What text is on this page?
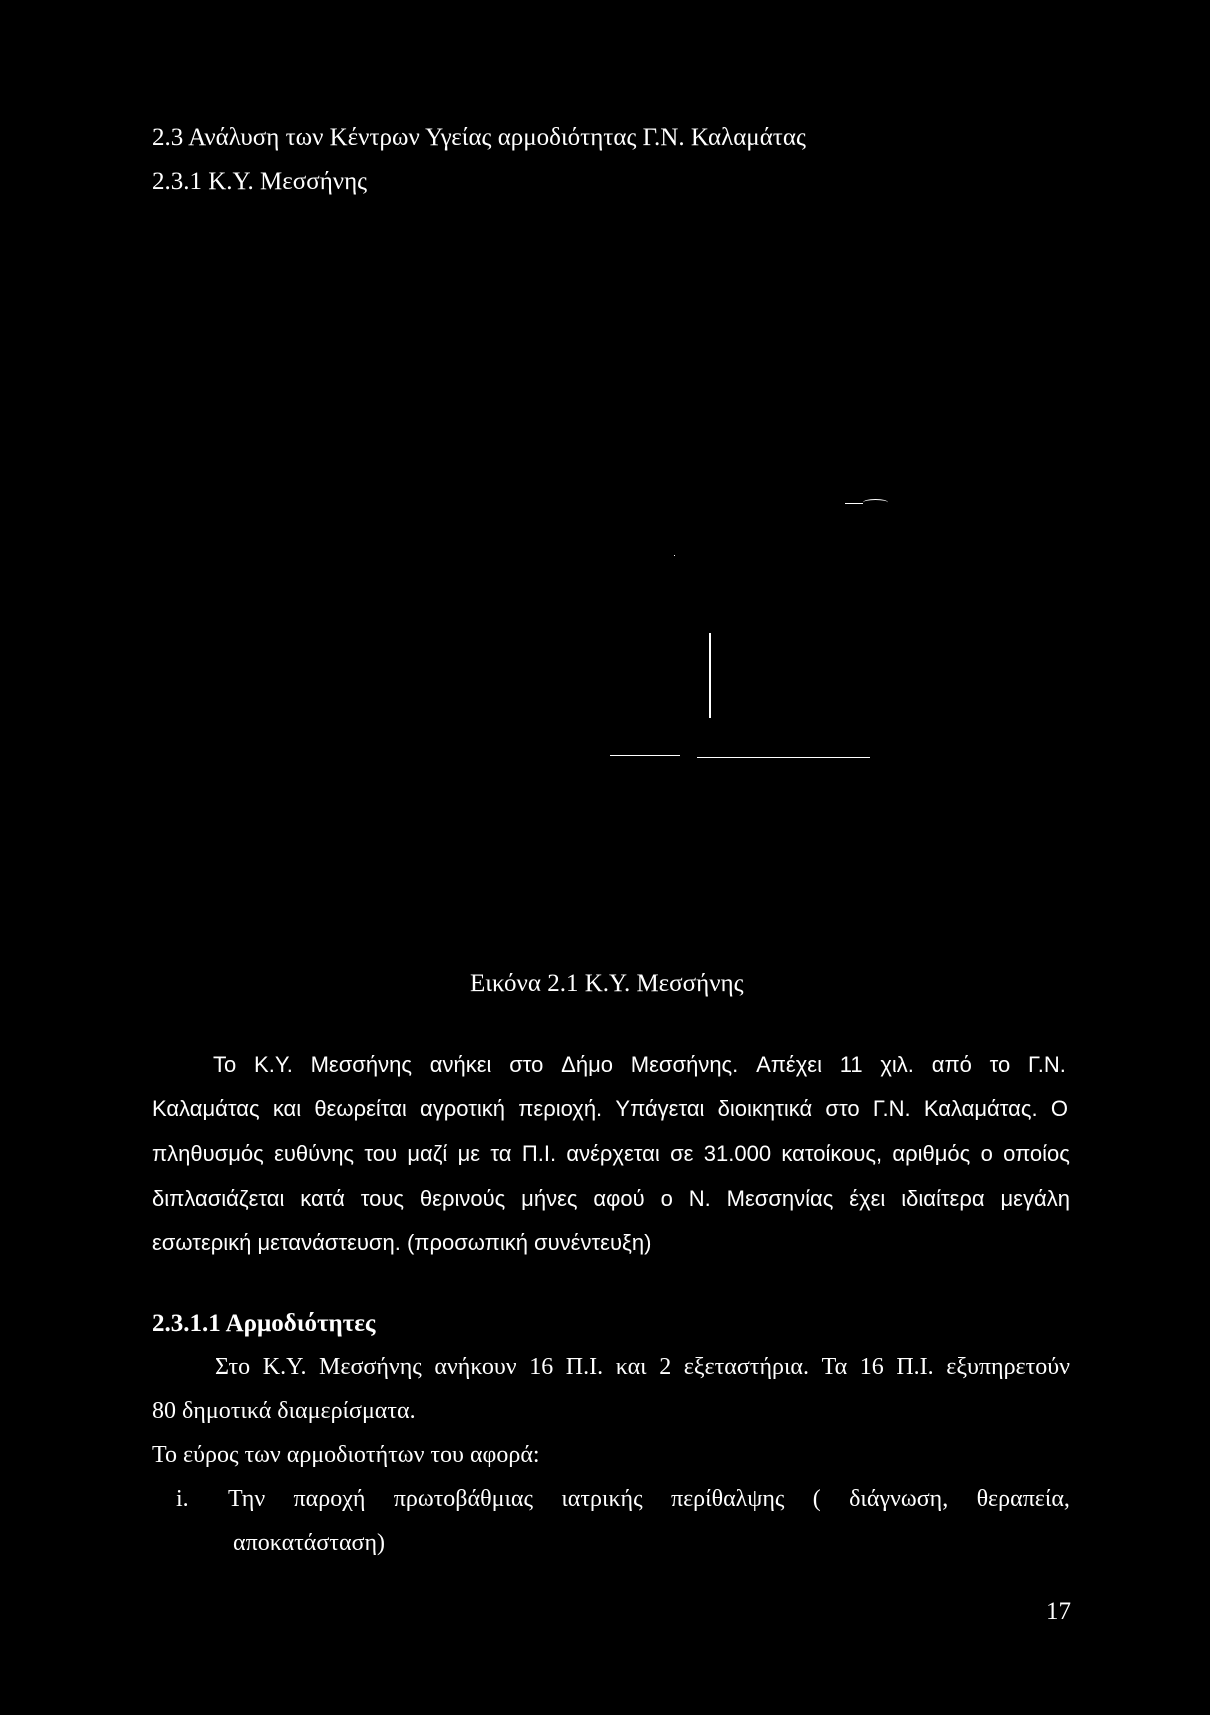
2.3 Ανάλυση των Κέντρων Υγείας αρμοδιότητας Γ.Ν. Καλαμάτας
2.3.1 Κ.Υ. Μεσσήνης
Εικόνα 2.1 Κ.Υ. Μεσσήνης
Το Κ.Υ. Μεσσήνης ανήκει στο Δήμο Μεσσήνης. Απέχει 11 χιλ. από το Γ.Ν.
Καλαμάτας και θεωρείται αγροτική περιοχή. Υπάγεται διοικητικά στο Γ.Ν. Καλαμάτας. Ο
πληθυσμός ευθύνης του μαζί με τα Π.Ι. ανέρχεται σε 31.000 κατοίκους, αριθμός ο οποίος
διπλασιάζεται κατά τους θερινούς μήνες αφού ο Ν. Μεσσηνίας έχει ιδιαίτερα μεγάλη
εσωτερική μετανάστευση. (προσωπική συνέντευξη)
2.3.1.1 Αρμοδιότητες
Στο Κ.Υ. Μεσσήνης ανήκουν 16 Π.Ι. και 2 εξεταστήρια. Τα 16 Π.Ι. εξυπηρετούν
80 δημοτικά διαμερίσματα.
Το εύρος των αρμοδιοτήτων του αφορά:
i. Την παροχή πρωτοβάθμιας ιατρικής περίθαλψης ( διάγνωση, θεραπεία,
αποκατάσταση)
17
